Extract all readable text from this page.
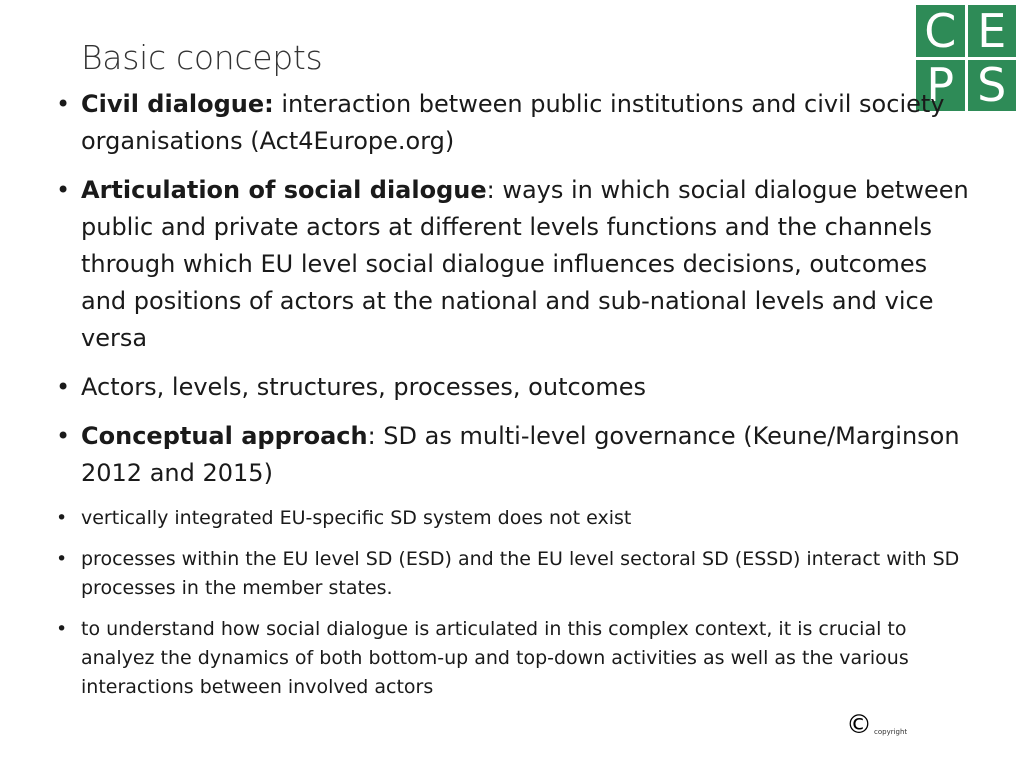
Basic concepts	C E
P S
• Civil dialogue: interaction between public institutions and civil society organisations (Act4Europe.org)
• Articulation of social dialogue: ways in which social dialogue between public and private actors at different levels functions and the channels through which EU level social dialogue influences decisions, outcomes and positions of actors at the national and sub-national levels and vice versa
• Actors, levels, structures, processes, outcomes
• Conceptual approach: SD as multi-level governance (Keune/Marginson 2012 and 2015)
• vertically integrated EU-specific SD system does not exist
• processes within the EU level SD (ESD) and the EU level sectoral SD (ESSD) interact with SD processes in the member states.
• to understand how social dialogue is articulated in this complex context, it is crucial to analyez the dynamics of both bottom-up and top-down activities as well as the various interactions between involved actors
© copyright
